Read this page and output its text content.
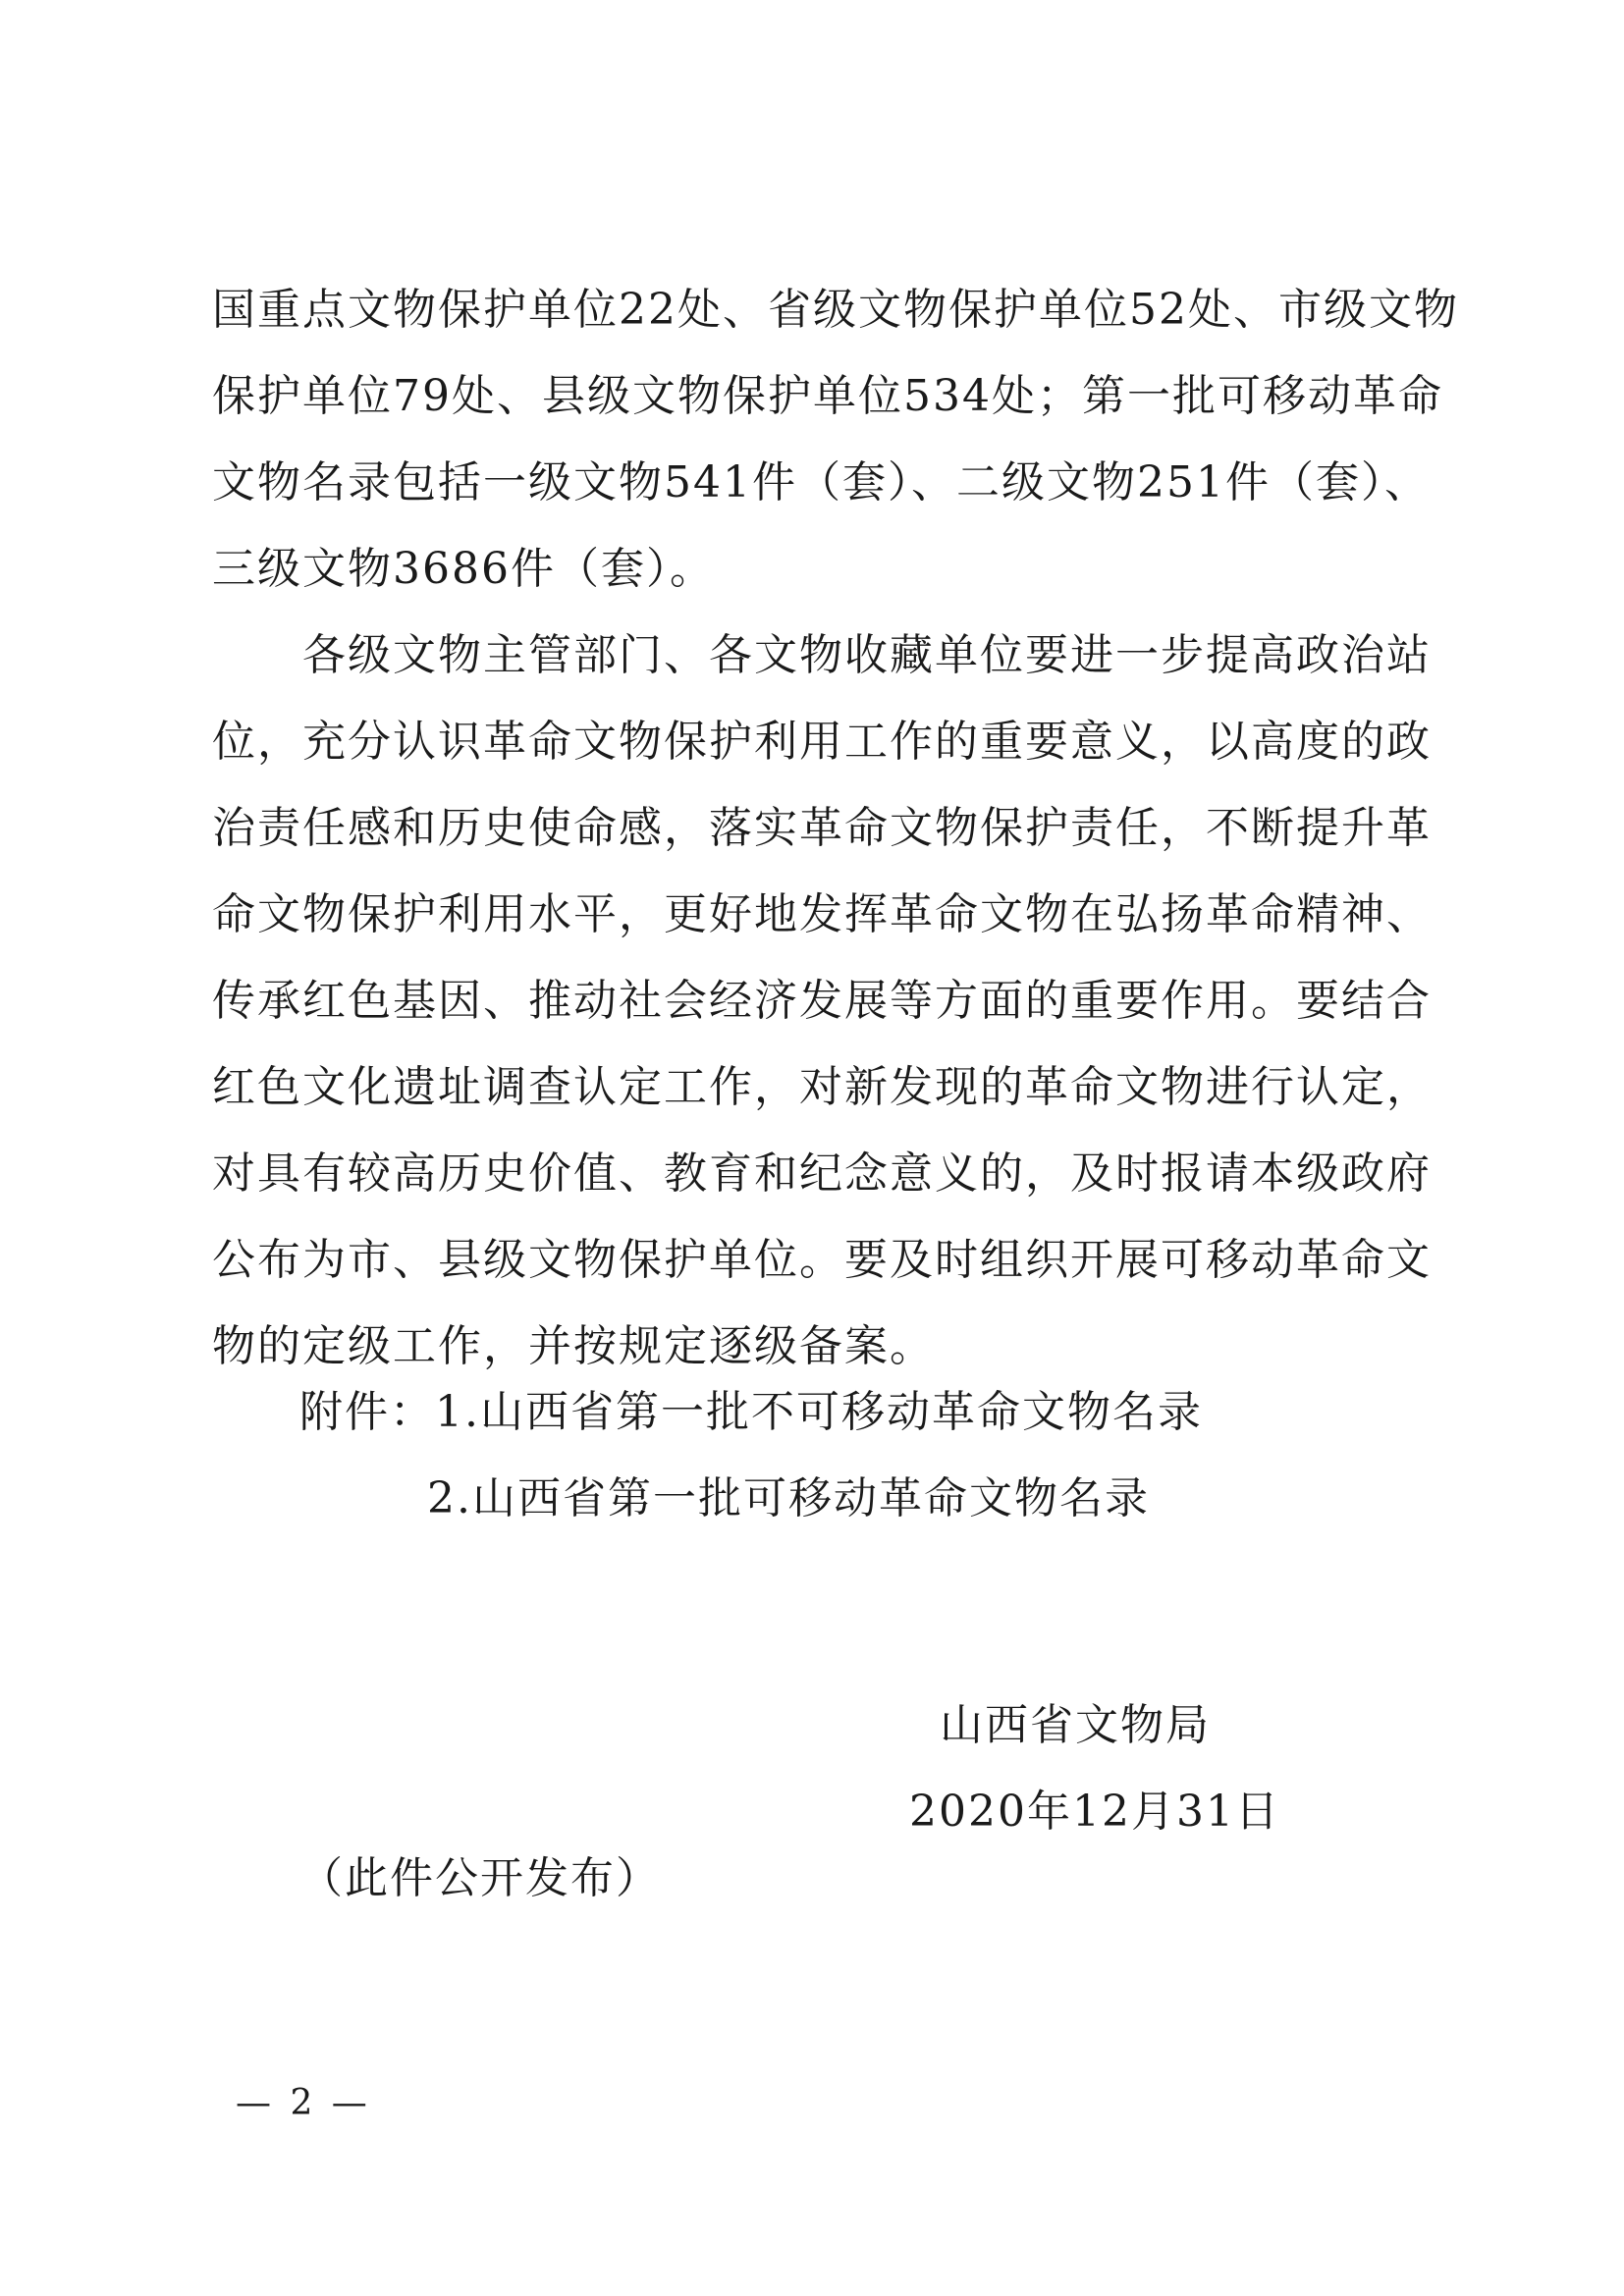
国重点文物保护单位22处、省级文物保护单位52处、市级文物
保护单位79处、县级文物保护单位534处；第一批可移动革命
文物名录包括一级文物541件（套）、二级文物251件（套）、
三级文物3686件（套）。
　　各级文物主管部门、各文物收藏单位要进一步提高政治站
位，充分认识革命文物保护利用工作的重要意义，以高度的政
治责任感和历史使命感，落实革命文物保护责任，不断提升革
命文物保护利用水平，更好地发挥革命文物在弘扬革命精神、
传承红色基因、推动社会经济发展等方面的重要作用。要结合
红色文化遗址调查认定工作，对新发现的革命文物进行认定，
对具有较高历史价值、教育和纪念意义的，及时报请本级政府
公布为市、县级文物保护单位。要及时组织开展可移动革命文
物的定级工作，并按规定逐级备案。
附件：1.山西省第一批不可移动革命文物名录
2.山西省第一批可移动革命文物名录
山西省文物局
2020年12月31日
（此件公开发布）
— 2 —
